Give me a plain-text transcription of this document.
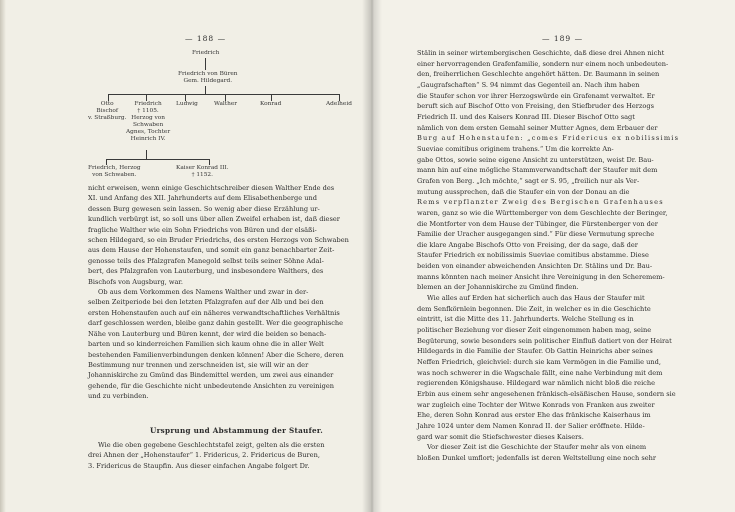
— 188 —
Friedrich
Friedrich von Büren
Gem. Hildegard.
Otto
Bischof
v. Straßburg.
Friedrich
† 1105.
Herzog von
Schwaben
Agnes, Tochter
Heinrich IV.
Ludwig	Walther	Konrad	Adelheid
Friedrich, Herzog
von Schwaben.
Kaiser Konrad III.
† 1152.
nicht erweisen, wenn einige Geschichtschreiber diesen Walther Ende des
XI. und Anfang des XII. Jahrhunderts auf dem Elisabethenberge und
dessen Burg gewesen sein lassen. So wenig aber diese Erzählung ur-
kundlich verbürgt ist, so soll uns über allen Zweifel erhaben ist, daß dieser
fragliche Walther wie ein Sohn Friedrichs von Büren und der elsäßi-
schen Hildegard, so ein Bruder Friedrichs, des ersten Herzogs von Schwaben
aus dem Hause der Hohenstaufen, und somit ein ganz benachbarter Zeit-
genosse teils des Pfalzgrafen Manegold selbst teils seiner Söhne Adal-
bert, des Pfalzgrafen von Lauterburg, und insbesondere Walthers, des
Bischofs von Augsburg, war.
Ob aus dem Vorkommen des Namens Walther und zwar in der-
selben Zeitperiode bei den letzten Pfalzgrafen auf der Alb und bei den
ersten Hohenstaufen auch auf ein näheres verwandtschaftliches Verhältnis
darf geschlossen werden, bleibe ganz dahin gestellt. Wer die geographische
Nähe von Lauterburg und Büren kennt, der wird die beiden so benach-
barten und so kinderreichen Familien sich kaum ohne die in aller Welt
bestehenden Familienverbindungen denken können! Aber die Schere, deren
Bestimmung nur trennen und zerschneiden ist, sie will wir an der
Johanniskirche zu Gmünd das Bindemittel werden, um zwei aus einander
gehende, für die Geschichte nicht unbedeutende Ansichten zu vereinigen
und zu verbinden.
Ursprung und Abstammung der Staufer.
Wie die oben gegebene Geschlechtstafel zeigt, gelten als die ersten
drei Ahnen der „Hohenstaufer“ 1. Fridericus, 2. Fridericus de Buren,
3. Fridericus de Staupfin. Aus dieser einfachen Angabe folgert Dr.
— 189 —
Stälin in seiner wirtembergischen Geschichte, daß diese drei Ahnen nicht
einer hervorragenden Grafenfamilie, sondern nur einem noch unbedeuten-
den, freiherrlichen Geschlechte angehört hätten. Dr. Baumann in seinen
„Gaugrafschaften“ S. 94 nimmt das Gegenteil an. Nach ihm haben
die Staufer schon vor ihrer Herzogswürde ein Grafenamt verwaltet. Er
beruft sich auf Bischof Otto von Freising, den Stiefbruder des Herzogs
Friedrich II. und des Kaisers Konrad III. Dieser Bischof Otto sagt
nämlich von dem ersten Gemahl seiner Mutter Agnes, dem Erbauer der
Burg auf Hohenstaufen: „comes Fridericus ex nobilissimis
Sueviae comitibus originem trahens.“ Um die korrekte An-
gabe Ottos, sowie seine eigene Ansicht zu unterstützen, weist Dr. Bau-
mann hin auf eine mögliche Stammverwandtschaft der Staufer mit dem
Grafen von Berg. „Ich möchte,“ sagt er S. 95, „freilich nur als Ver-
mutung aussprechen, daß die Staufer ein von der Donau an die
Rems verpflanzter Zweig des Bergischen Grafenhauses
waren, ganz so wie die Württemberger von dem Geschlechte der Beringer,
die Montforter von dem Hause der Tübinger, die Fürstenberger von der
Familie der Uracher ausgegangen sind.“ Für diese Vermutung spreche
die klare Angabe Bischofs Otto von Freising, der da sage, daß der
Staufer Friedrich ex nobilissimis Sueviae comitibus abstamme. Diese
beiden von einander abweichenden Ansichten Dr. Stälins und Dr. Bau-
manns könnten nach meiner Ansicht ihre Vereinigung in den Scheremem-
blemen an der Johanniskirche zu Gmünd finden.
Wie alles auf Erden hat sicherlich auch das Haus der Staufer mit
dem Senfkörnlein begonnen. Die Zeit, in welcher es in die Geschichte
eintritt, ist die Mitte des 11. Jahrhunderts. Welche Stellung es in
politischer Beziehung vor dieser Zeit eingenommen haben mag, seine
Begüterung, sowie besonders sein politischer Einfluß datiert von der Heirat
Hildegards in die Familie der Staufer. Ob Gattin Heinrichs aber seines
Neffen Friedrich, gleichviel: durch sie kam Vermögen in die Familie und,
was noch schwerer in die Wagschale fällt, eine nahe Verbindung mit dem
regierenden Königshause. Hildegard war nämlich nicht bloß die reiche
Erbin aus einem sehr angesehenen fränkisch-elsäßischen Hause, sondern sie
war zugleich eine Tochter der Witwe Konrads von Franken aus zweiter
Ehe, deren Sohn Konrad aus erster Ehe das fränkische Kaiserhaus im
Jahre 1024 unter dem Namen Konrad II. der Salier eröffnete. Hilde-
gard war somit die Stiefschwester dieses Kaisers.
Vor dieser Zeit ist die Geschichte der Staufer mehr als von einem
bloßen Dunkel umflort; jedenfalls ist deren Weltstellung eine noch sehr
